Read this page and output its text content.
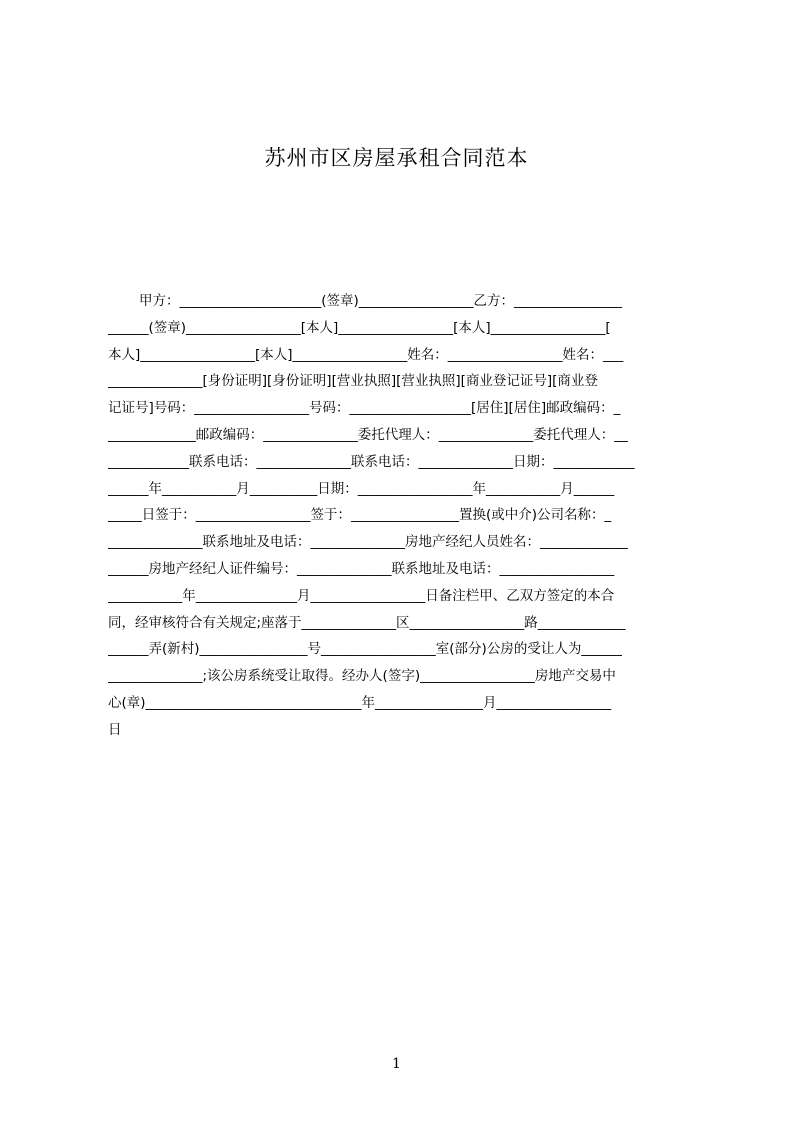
苏州市区房屋承租合同范本
甲方：_____________________(签章)_________________乙方：________________
______(签章)_________________[本人]_________________[本人]_________________[
本人]_________________[本人]_________________姓名：_________________姓名：___
______________[身份证明][身份证明][营业执照][营业执照][商业登记证号][商业登
记证号]号码：_________________号码：__________________[居住][居住]邮政编码：_
_____________邮政编码：______________委托代理人：______________委托代理人：__
____________联系电话：______________联系电话：______________日期：____________
______年___________月__________日期：_________________年___________月______
_____日签于：_________________签于：________________置换(或中介)公司名称：_
______________联系地址及电话：______________房地产经纪人员姓名：_____________
______房地产经纪人证件编号：______________联系地址及电话：_________________
___________年_______________月_________________日备注栏甲、乙双方签定的本合
同，经审核符合有关规定;座落于______________区_________________路_____________
______弄(新村)________________号_________________室(部分)公房的受让人为______
______________;该公房系统受让取得。经办人(签字)_________________房地产交易中
心(章)________________________________年________________月_________________
日
1
